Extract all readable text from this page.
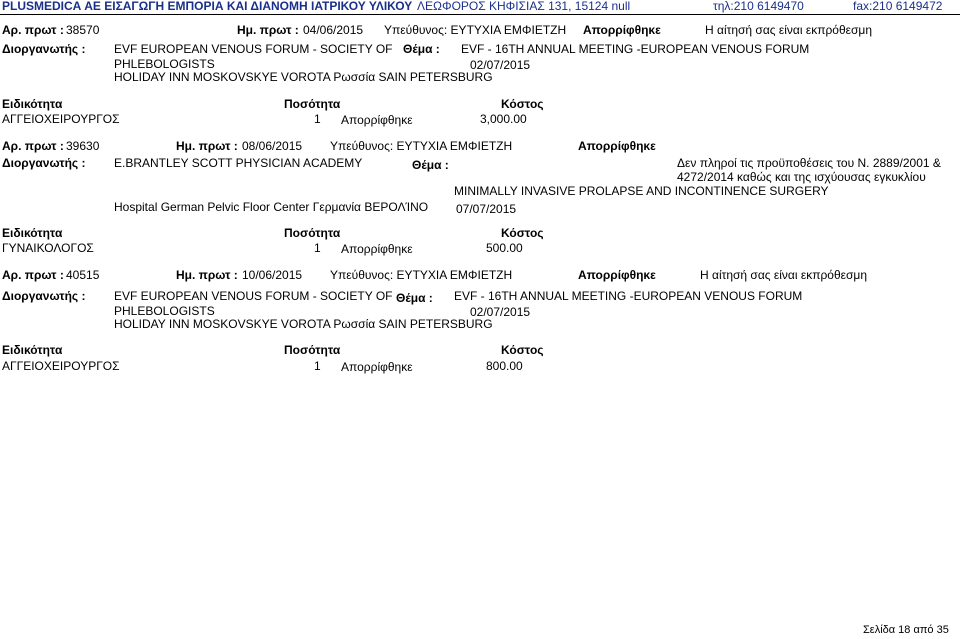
PLUSMEDICA ΑΕ ΕΙΣΑΓΩΓΗ ΕΜΠΟΡΙΑ ΚΑΙ ΔΙΑΝΟΜΗ ΙΑΤΡΙΚΟΥ ΥΛΙΚΟΥ ΛΕΩΦΟΡΟΣ ΚΗΦΙΣΙΑΣ 131, 15124 null	τηλ:210 6149470	fax:210 6149472
Αρ. πρωτ : 38570	Ημ. πρωτ : 04/06/2015 Υπεύθυνος: ΕΥΤΥΧΙΑ ΕΜΦΙΕΤΖΗ Απορρίφθηκε	Η αίτησή σας είναι εκπρόθεσμη
Διοργανωτής : EVF EUROPEAN VENOUS FORUM - SOCIETY OF
PHLEBOLOGISTS
HOLIDAY INN MOSKOVSKYE VOROTA Ρωσσία SAIN PETERSBURG
Θέμα : EVF - 16TH ANNUAL MEETING -EUROPEAN VENOUS FORUM
02/07/2015
Ειδικότητα	Ποσότητα	Κόστος
ΑΓΓΕΙΟΧΕΙΡΟΥΡΓΟΣ	1 Απορρίφθηκε	3,000.00
Αρ. πρωτ : 39630	Ημ. πρωτ : 08/06/2015 Υπεύθυνος: ΕΥΤΥΧΙΑ ΕΜΦΙΕΤΖΗ	Απορρίφθηκε
Διοργανωτής : E.BRANTLEY SCOTT PHYSICIAN ACADEMY	Θέμα :	Δεν πληροί τις προϋποθέσεις του Ν. 2889/2001 &
4272/2014 καθώς και της ισχύουσας εγκυκλίου
MINIMALLY INVASIVE PROLAPSE AND INCONTINENCE SURGERY
Hospital German Pelvic Floor Center Γερμανία ΒΕΡΟΛΊΝΟ 07/07/2015
Ειδικότητα	Ποσότητα	Κόστος
ΓΥΝΑΙΚΟΛΟΓΟΣ	1 Απορρίφθηκε	500.00
Αρ. πρωτ : 40515	Ημ. πρωτ : 10/06/2015 Υπεύθυνος: ΕΥΤΥΧΙΑ ΕΜΦΙΕΤΖΗ	Απορρίφθηκε	Η αίτησή σας είναι εκπρόθεσμη
Διοργανωτής : EVF EUROPEAN VENOUS FORUM - SOCIETY OF
PHLEBOLOGISTS
HOLIDAY INN MOSKOVSKYE VOROTA Ρωσσία SAIN PETERSBURG
Θέμα : EVF - 16TH ANNUAL MEETING -EUROPEAN VENOUS FORUM
02/07/2015
Ειδικότητα	Ποσότητα	Κόστος
ΑΓΓΕΙΟΧΕΙΡΟΥΡΓΟΣ	1 Απορρίφθηκε	800.00
Σελίδα 18 από 35
